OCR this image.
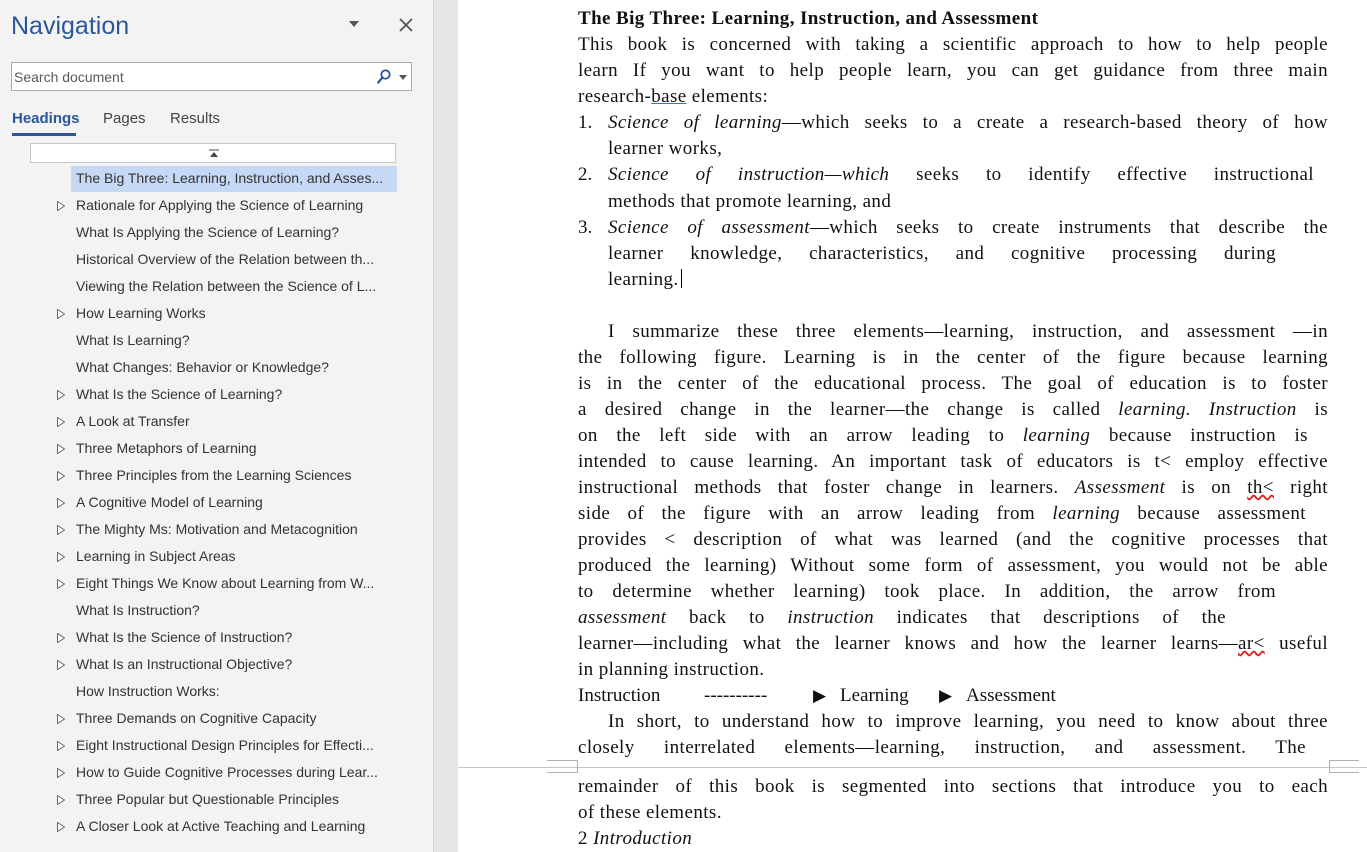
Navigation
Search document
Headings Pages Results
The Big Three: Learning, Instruction, and Asses...
Rationale for Applying the Science of Learning
What Is Applying the Science of Learning?
Historical Overview of the Relation between th...
Viewing the Relation between the Science of L...
How Learning Works
What Is Learning?
What Changes: Behavior or Knowledge?
What Is the Science of Learning?
A Look at Transfer
Three Metaphors of Learning
Three Principles from the Learning Sciences
A Cognitive Model of Learning
The Mighty Ms: Motivation and Metacognition
Learning in Subject Areas
Eight Things We Know about Learning from W...
What Is Instruction?
What Is the Science of Instruction?
What Is an Instructional Objective?
How Instruction Works:
Three Demands on Cognitive Capacity
Eight Instructional Design Principles for Effecti...
How to Guide Cognitive Processes during Lear...
Three Popular but Questionable Principles
A Closer Look at Active Teaching and Learning
The Big Three: Learning, Instruction, and Assessment
This book is concerned with taking a scientific approach to how to help people
learn If you want to help people learn, you can get guidance from three main
research-base elements:
1. Science of learning—which seeks to a create a research-based theory of how
learner works,
2. Science of instruction—which seeks to identify effective instructional
methods that promote learning, and
3. Science of assessment—which seeks to create instruments that describe the
learner knowledge, characteristics, and cognitive processing during
learning.
I summarize these three elements—learning, instruction, and assessment —in
the following figure. Learning is in the center of the figure because learning
is in the center of the educational process. The goal of education is to foster
a desired change in the learner—the change is called learning. Instruction is
on the left side with an arrow leading to learning because instruction is
intended to cause learning. An important task of educators is t< employ effective
instructional methods that foster change in learners. Assessment is on th< right
side of the figure with an arrow leading from learning because assessment
provides < description of what was learned (and the cognitive processes that
produced the learning) Without some form of assessment, you would not be able
to determine whether learning) took place. In addition, the arrow from
assessment back to instruction indicates that descriptions of the
learner—including what the learner knows and how the learner learns—ar< useful
in planning instruction.
Instruction ----------	▶ Learning ▶ Assessment
In short, to understand how to improve learning, you need to know about three
closely interrelated elements—learning, instruction, and assessment. The
remainder of this book is segmented into sections that introduce you to each
of these elements.
2 Introduction
